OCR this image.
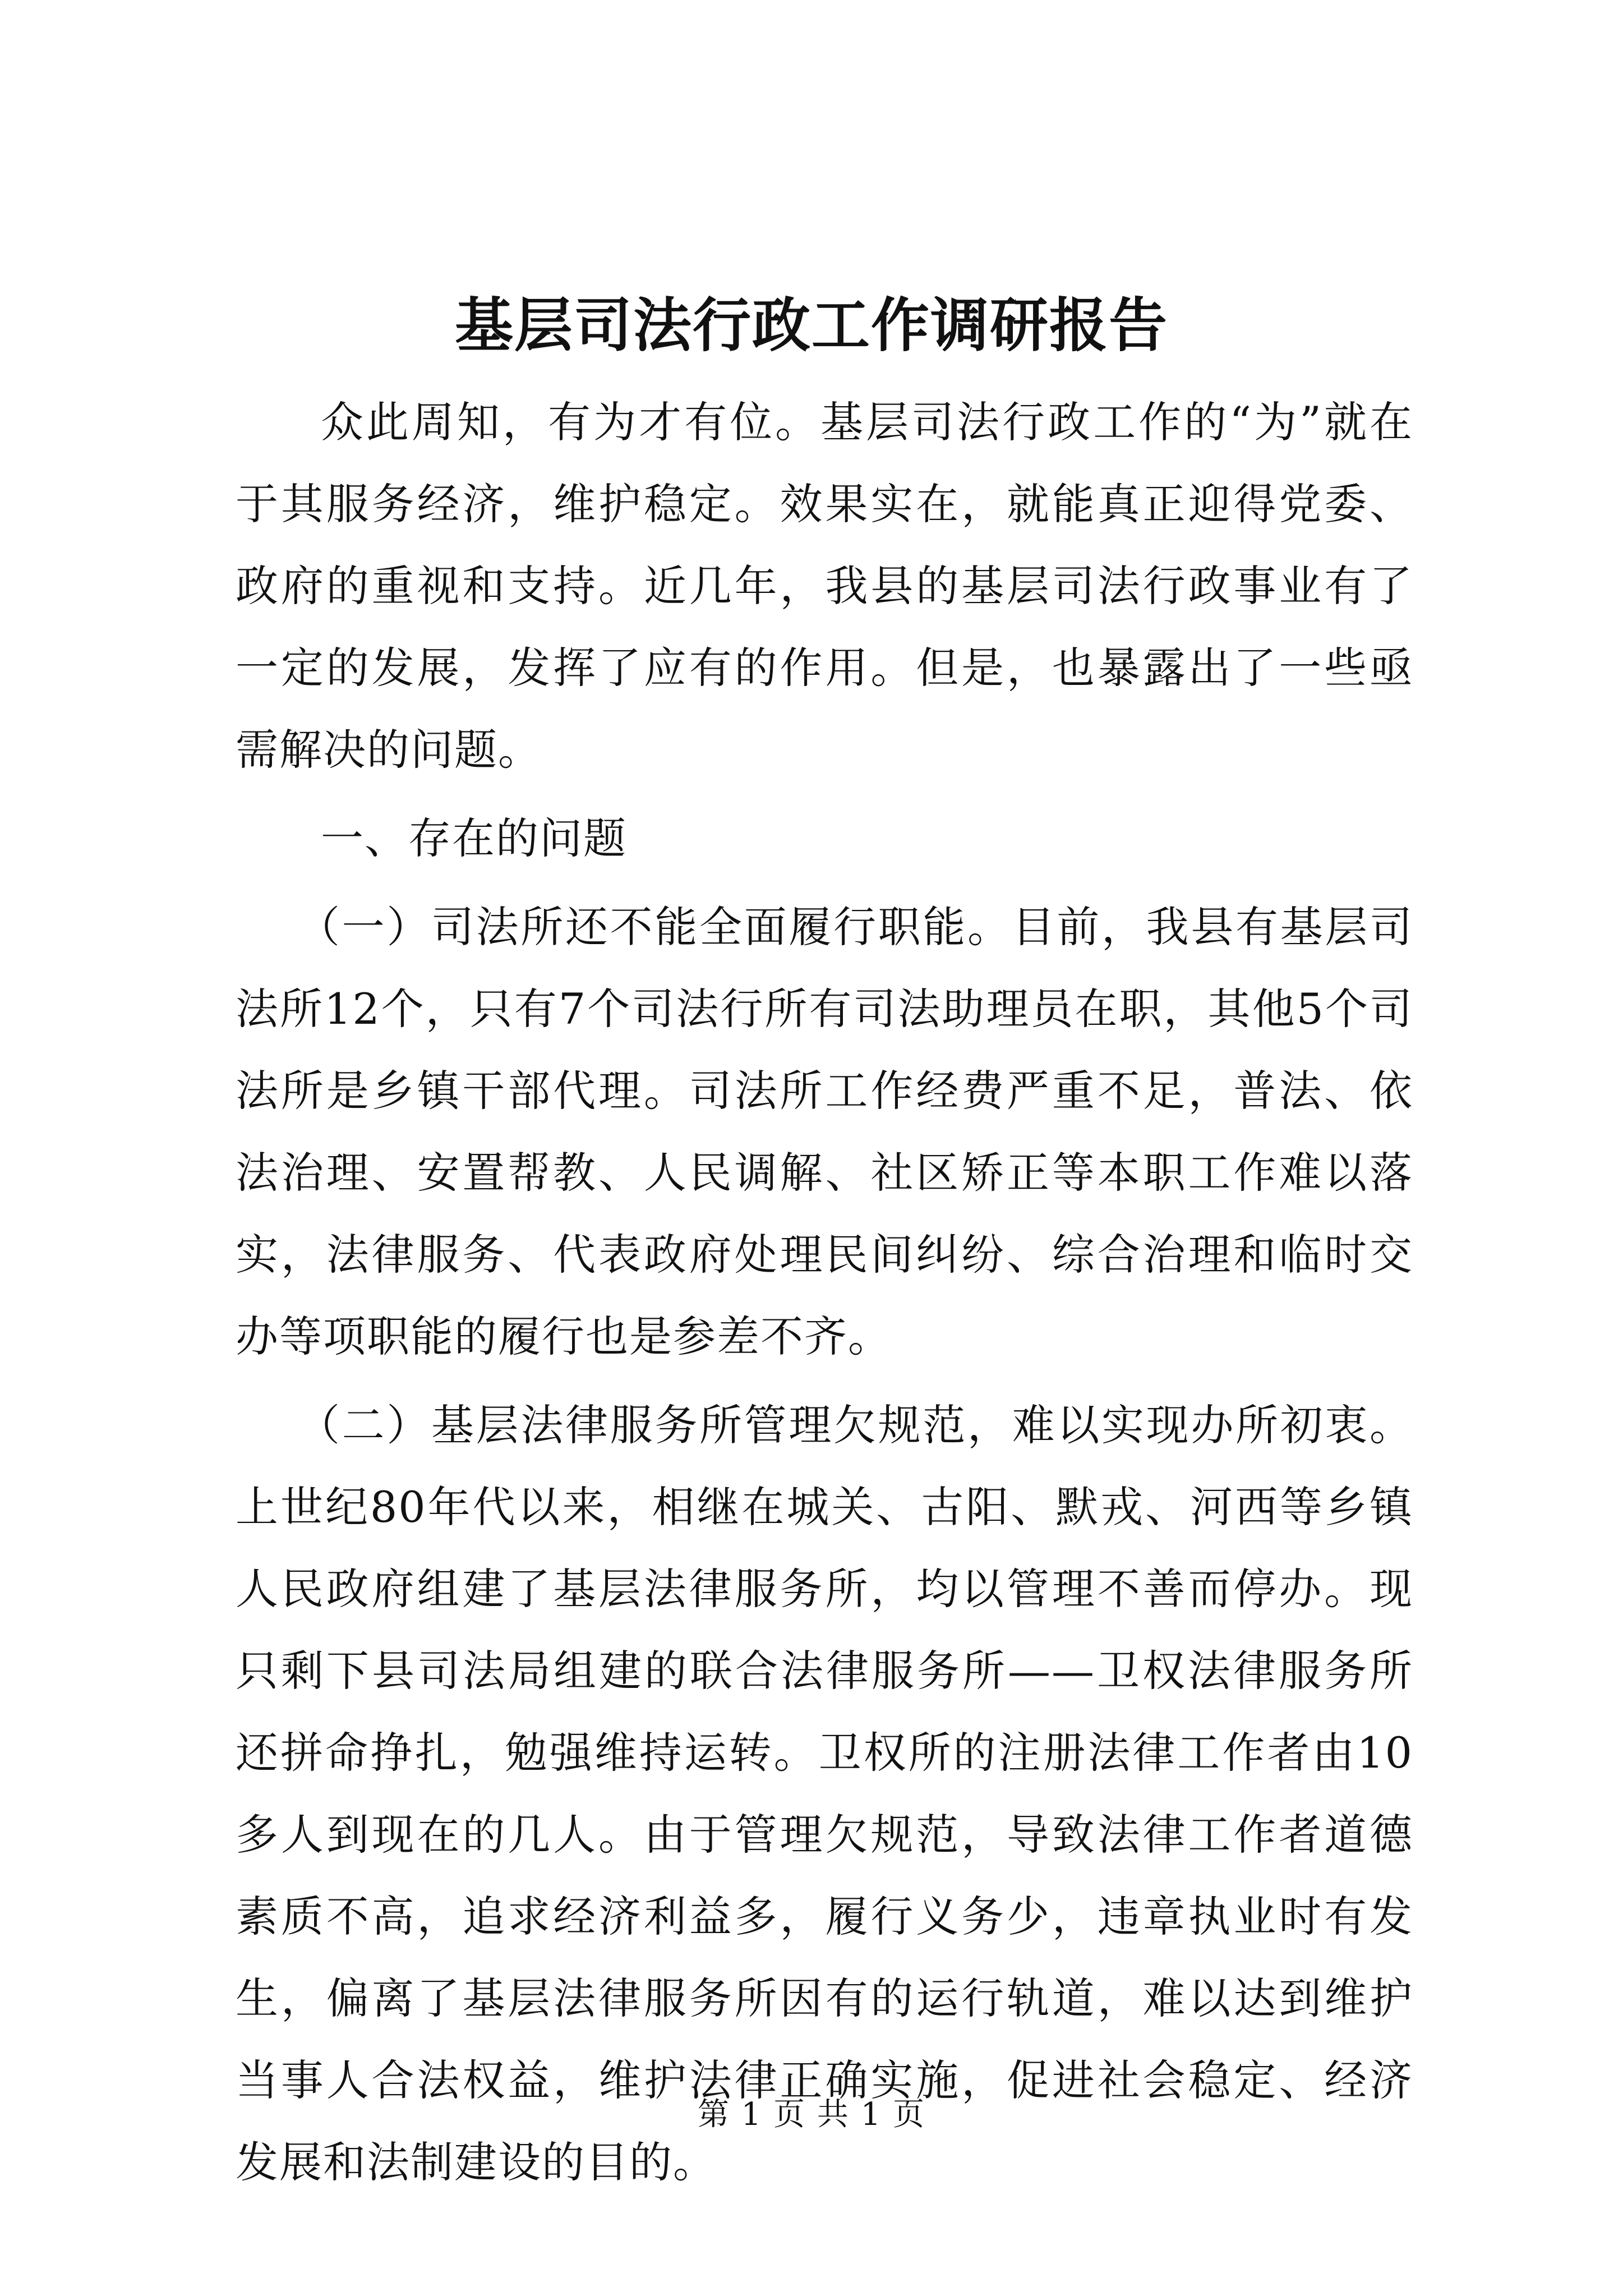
基层司法行政工作调研报告

众此周知，有为才有位。基层司法行政工作的“为”就在于其服务经济，维护稳定。效果实在，就能真正迎得党委、政府的重视和支持。近几年，我县的基层司法行政事业有了一定的发展，发挥了应有的作用。但是，也暴露出了一些亟需解决的问题。

一、存在的问题

（一）司法所还不能全面履行职能。目前，我县有基层司法所12个，只有7个司法行所有司法助理员在职，其他5个司法所是乡镇干部代理。司法所工作经费严重不足，普法、依法治理、安置帮教、人民调解、社区矫正等本职工作难以落实，法律服务、代表政府处理民间纠纷、综合治理和临时交办等项职能的履行也是参差不齐。

（二）基层法律服务所管理欠规范，难以实现办所初衷。上世纪80年代以来，相继在城关、古阳、默戎、河西等乡镇人民政府组建了基层法律服务所，均以管理不善而停办。现只剩下县司法局组建的联合法律服务所——卫权法律服务所还拼命挣扎，勉强维持运转。卫权所的注册法律工作者由10多人到现在的几人。由于管理欠规范，导致法律工作者道德素质不高，追求经济利益多，履行义务少，违章执业时有发生，偏离了基层法律服务所因有的运行轨道，难以达到维护当事人合法权益，维护法律正确实施，促进社会稳定、经济发展和法制建设的目的。

第 1 页 共 1 页
